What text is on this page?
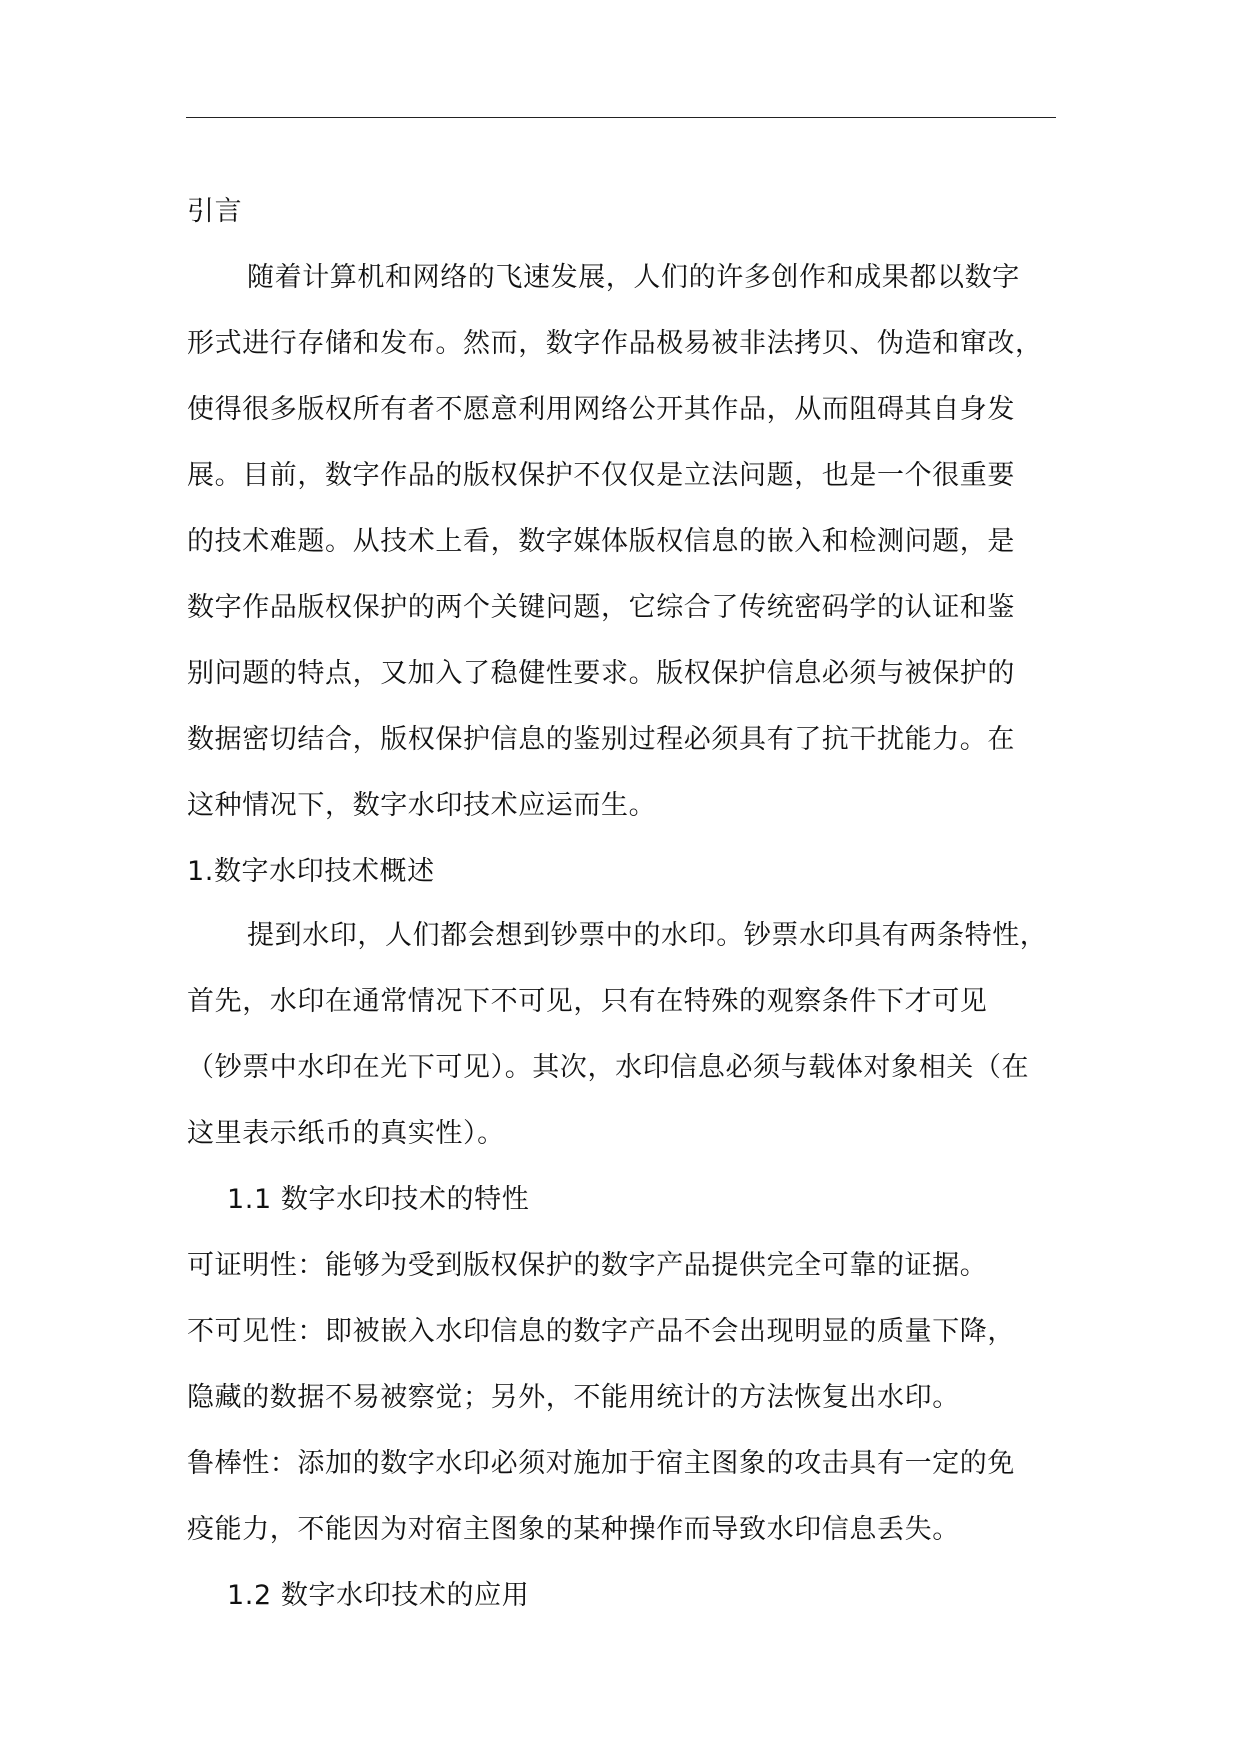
引言
随着计算机和网络的飞速发展，人们的许多创作和成果都以数字
形式进行存储和发布。然而，数字作品极易被非法拷贝、伪造和窜改，
使得很多版权所有者不愿意利用网络公开其作品，从而阻碍其自身发
展。目前，数字作品的版权保护不仅仅是立法问题，也是一个很重要
的技术难题。从技术上看，数字媒体版权信息的嵌入和检测问题，是
数字作品版权保护的两个关键问题，它综合了传统密码学的认证和鉴
别问题的特点，又加入了稳健性要求。版权保护信息必须与被保护的
数据密切结合，版权保护信息的鉴别过程必须具有了抗干扰能力。在
这种情况下，数字水印技术应运而生。
1.数字水印技术概述
提到水印，人们都会想到钞票中的水印。钞票水印具有两条特性，
首先，水印在通常情况下不可见，只有在特殊的观察条件下才可见
（钞票中水印在光下可见）。其次，水印信息必须与载体对象相关（在
这里表示纸币的真实性）。
1.1 数字水印技术的特性
可证明性：能够为受到版权保护的数字产品提供完全可靠的证据。
不可见性：即被嵌入水印信息的数字产品不会出现明显的质量下降，
隐藏的数据不易被察觉；另外，不能用统计的方法恢复出水印。
鲁棒性：添加的数字水印必须对施加于宿主图象的攻击具有一定的免
疫能力，不能因为对宿主图象的某种操作而导致水印信息丢失。
1.2 数字水印技术的应用
